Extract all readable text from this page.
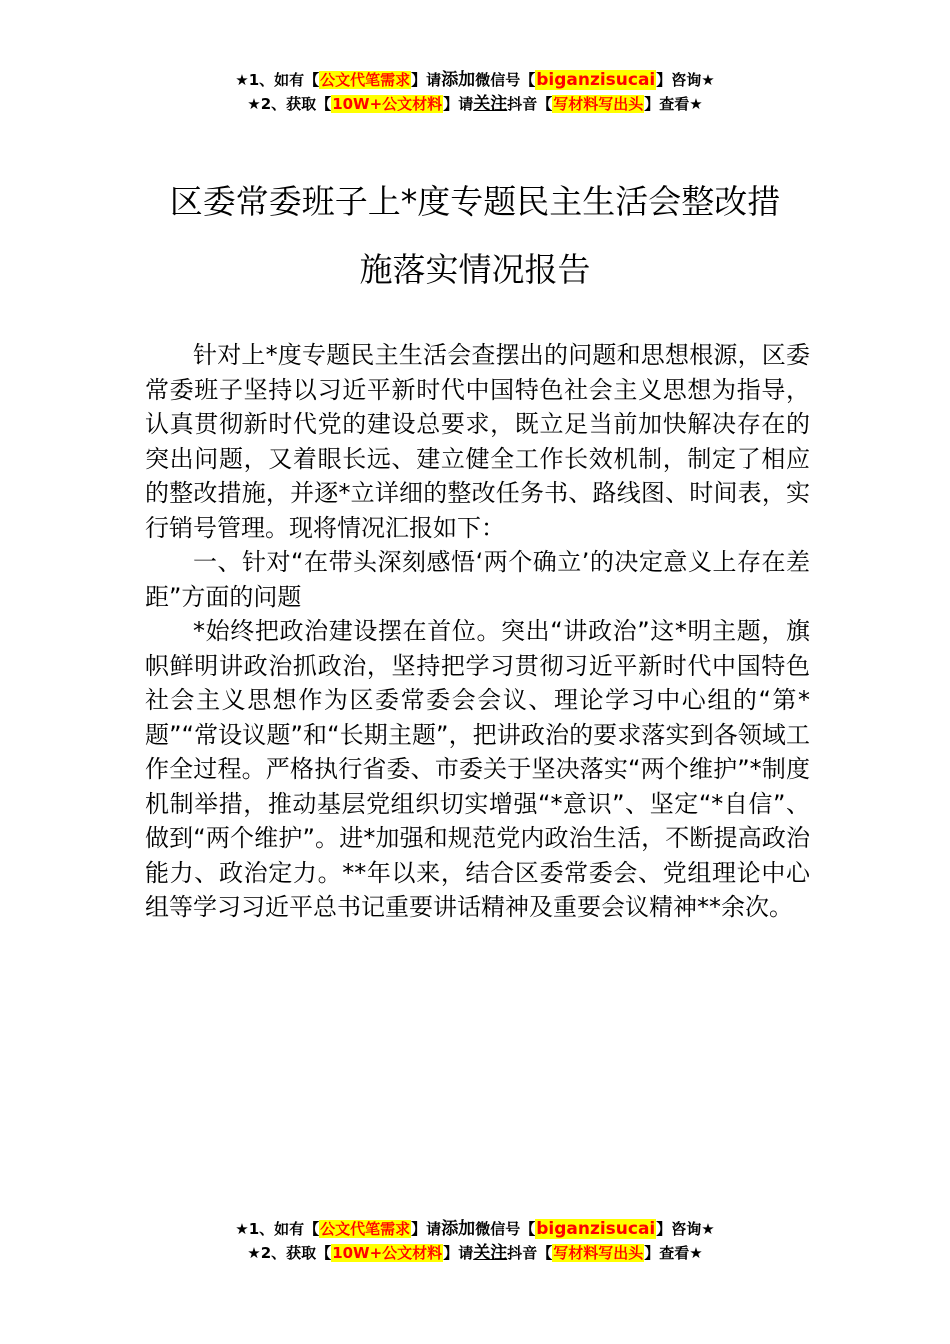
★1、如有【公文代笔需求】请添加微信号【biganzisucai】咨询★
★2、获取【10W+公文材料】请关注抖音【写材料写出头】查看★
区委常委班子上*度专题民主生活会整改措
施落实情况报告

针对上*度专题民主生活会查摆出的问题和思想根源，区委常委班子坚持以习近平新时代中国特色社会主义思想为指导，认真贯彻新时代党的建设总要求，既立足当前加快解决存在的突出问题，又着眼长远、建立健全工作长效机制，制定了相应的整改措施，并逐*立详细的整改任务书、路线图、时间表，实行销号管理。现将情况汇报如下：

一、针对“在带头深刻感悟‘两个确立’的决定意义上存在差距”方面的问题

*始终把政治建设摆在首位。突出“讲政治”这*明主题，旗帜鲜明讲政治抓政治，坚持把学习贯彻习近平新时代中国特色社会主义思想作为区委常委会会议、理论学习中心组的“第*题”“常设议题”和“长期主题”，把讲政治的要求落实到各领域工作全过程。严格执行省委、市委关于坚决落实“两个维护”*制度机制举措，推动基层党组织切实增强“*意识”、坚定“*自信”、做到“两个维护”。进*加强和规范党内政治生活，不断提高政治能力、政治定力。**年以来，结合区委常委会、党组理论中心组等学习习近平总书记重要讲话精神及重要会议精神**余次。

★1、如有【公文代笔需求】请添加微信号【biganzisucai】咨询★
★2、获取【10W+公文材料】请关注抖音【写材料写出头】查看★
